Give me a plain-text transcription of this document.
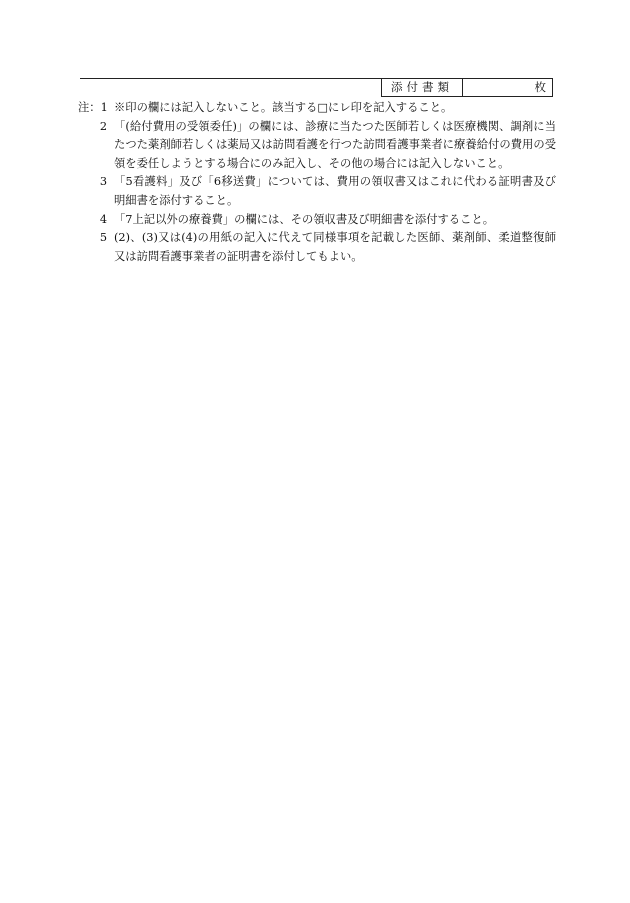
添付書類	枚
注：1 ※印の欄には記入しないこと。該当する□にレ印を記入すること。
2 「(給付費用の受領委任)」の欄には、診療に当たつた医師若しくは医療機関、調剤に当たつた薬剤師若しくは薬局又は訪問看護を行つた訪問看護事業者に療養給付の費用の受領を委任しようとする場合にのみ記入し、その他の場合には記入しないこと。
3 「5看護料」及び「6移送費」については、費用の領収書又はこれに代わる証明書及び明細書を添付すること。
4 「7上記以外の療養費」の欄には、その領収書及び明細書を添付すること。
5 (2)、(3)又は(4)の用紙の記入に代えて同様事項を記載した医師、薬剤師、柔道整復師又は訪問看護事業者の証明書を添付してもよい。
